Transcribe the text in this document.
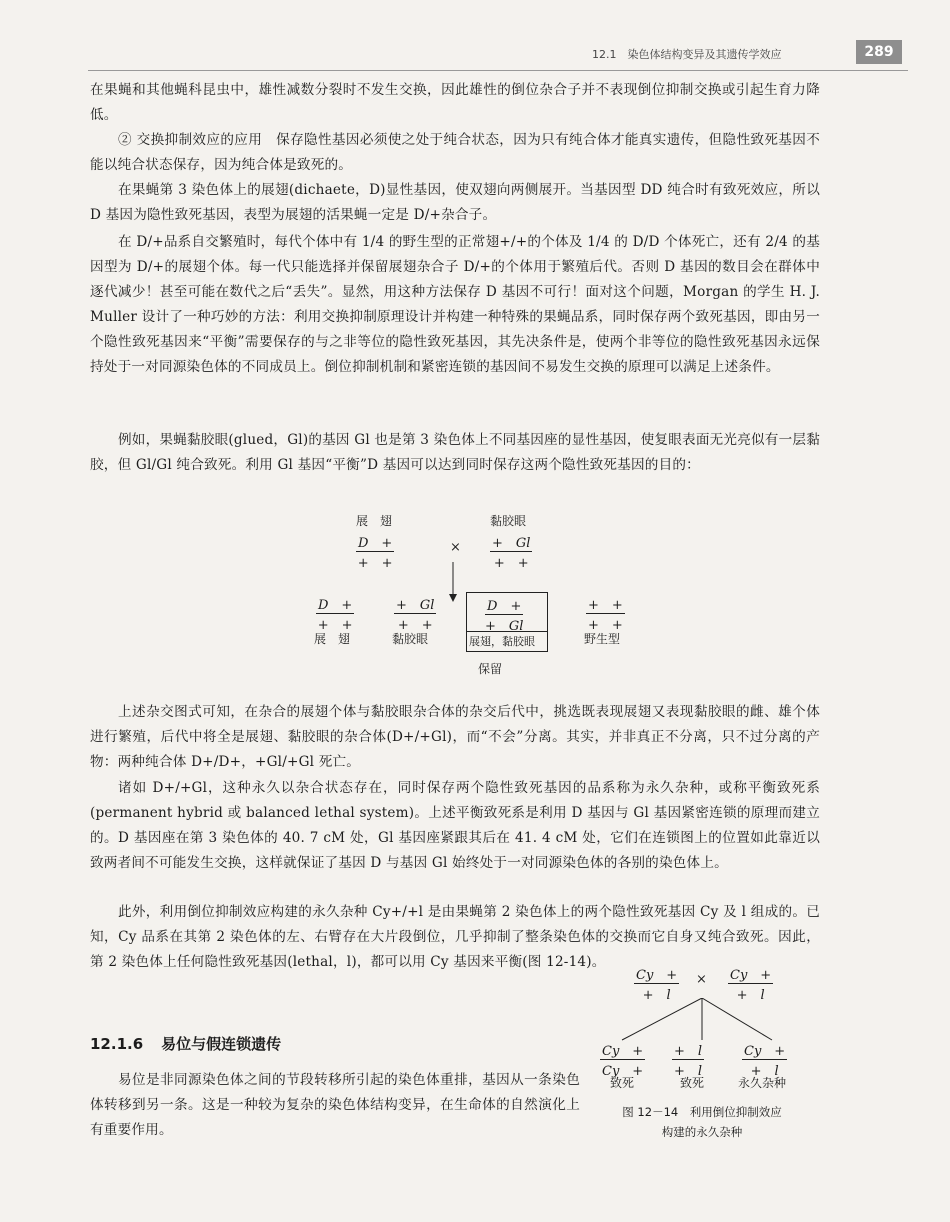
12.1　染色体结构变异及其遗传学效应	289

在果蝇和其他蝇科昆虫中，雄性减数分裂时不发生交换，因此雄性的倒位杂合子并不表现倒位抑制交换或引起生育力降低。

② 交换抑制效应的应用　保存隐性基因必须使之处于纯合状态，因为只有纯合体才能真实遗传，但隐性致死基因不能以纯合状态保存，因为纯合体是致死的。

在果蝇第 3 染色体上的展翅(dichaete，D)显性基因，使双翅向两侧展开。当基因型 DD 纯合时有致死效应，所以 D 基因为隐性致死基因，表型为展翅的活果蝇一定是 D/+杂合子。

在 D/+品系自交繁殖时，每代个体中有 1/4 的野生型的正常翅+/+的个体及 1/4 的 D/D 个体死亡，还有 2/4 的基因型为 D/+的展翅个体。每一代只能选择并保留展翅杂合子 D/+的个体用于繁殖后代。否则 D 基因的数目会在群体中逐代减少！甚至可能在数代之后“丢失”。显然，用这种方法保存 D 基因不可行！面对这个问题，Morgan 的学生 H. J. Muller 设计了一种巧妙的方法：利用交换抑制原理设计并构建一种特殊的果蝇品系，同时保存两个致死基因，即由另一个隐性致死基因来“平衡”需要保存的与之非等位的隐性致死基因，其先决条件是，使两个非等位的隐性致死基因永远保持处于一对同源染色体的不同成员上。倒位抑制机制和紧密连锁的基因间不易发生交换的原理可以满足上述条件。

例如，果蝇黏胶眼(glued，Gl)的基因 Gl 也是第 3 染色体上不同基因座的显性基因，使复眼表面无光亮似有一层黏胶，但 Gl/Gl 纯合致死。利用 Gl 基因“平衡”D 基因可以达到同时保存这两个隐性致死基因的目的：

展　翅	黏胶眼
D　+
+　+
× +　Gl
+　+
D　+
+　+
展　翅
+　Gl
+　+
黏胶眼
$\frac{D +}{+ Gl}$
展翅，黏胶眼
+　+
+　+
野生型
保留

上述杂交图式可知，在杂合的展翅个体与黏胶眼杂合体的杂交后代中，挑选既表现展翅又表现黏胶眼的雌、雄个体进行繁殖，后代中将全是展翅、黏胶眼的杂合体(D+/+Gl)，而“不会”分离。其实，并非真正不分离，只不过分离的产物：两种纯合体 D+/D+，+Gl/+Gl 死亡。

诸如 D+/+Gl，这种永久以杂合状态存在，同时保存两个隐性致死基因的品系称为永久杂种，或称平衡致死系(permanent hybrid 或 balanced lethal system)。上述平衡致死系是利用 D 基因与 Gl 基因紧密连锁的原理而建立的。D 基因座在第 3 染色体的 40. 7 cM 处，Gl 基因座紧跟其后在 41. 4 cM 处，它们在连锁图上的位置如此靠近以致两者间不可能发生交换，这样就保证了基因 D 与基因 Gl 始终处于一对同源染色体的各别的染色体上。

此外，利用倒位抑制效应构建的永久杂种 Cy+/+l 是由果蝇第 2 染色体上的两个隐性致死基因 Cy 及 l 组成的。已知，Cy 品系在其第 2 染色体的左、右臂存在大片段倒位，几乎抑制了整条染色体的交换而它自身又纯合致死。因此，第 2 染色体上任何隐性致死基因(lethal，l)，都可以用 Cy 基因来平衡(图 12-14)。

12.1.6 易位与假连锁遗传

易位是非同源染色体之间的节段转移所引起的染色体重排，基因从一条染色体转移到另一条。这是一种较为复杂的染色体结构变异，在生命体的自然演化上有重要作用。

$\frac{Cy +}{+ l} \times \frac{Cy +}{+ l}$
$\frac{Cy +}{Cy +}$
致死
$\frac{+ l}{+ l}$
致死
$\frac{Cy +}{+ l}$
永久杂种
图 12－14　利用倒位抑制效应
构建的永久杂种
